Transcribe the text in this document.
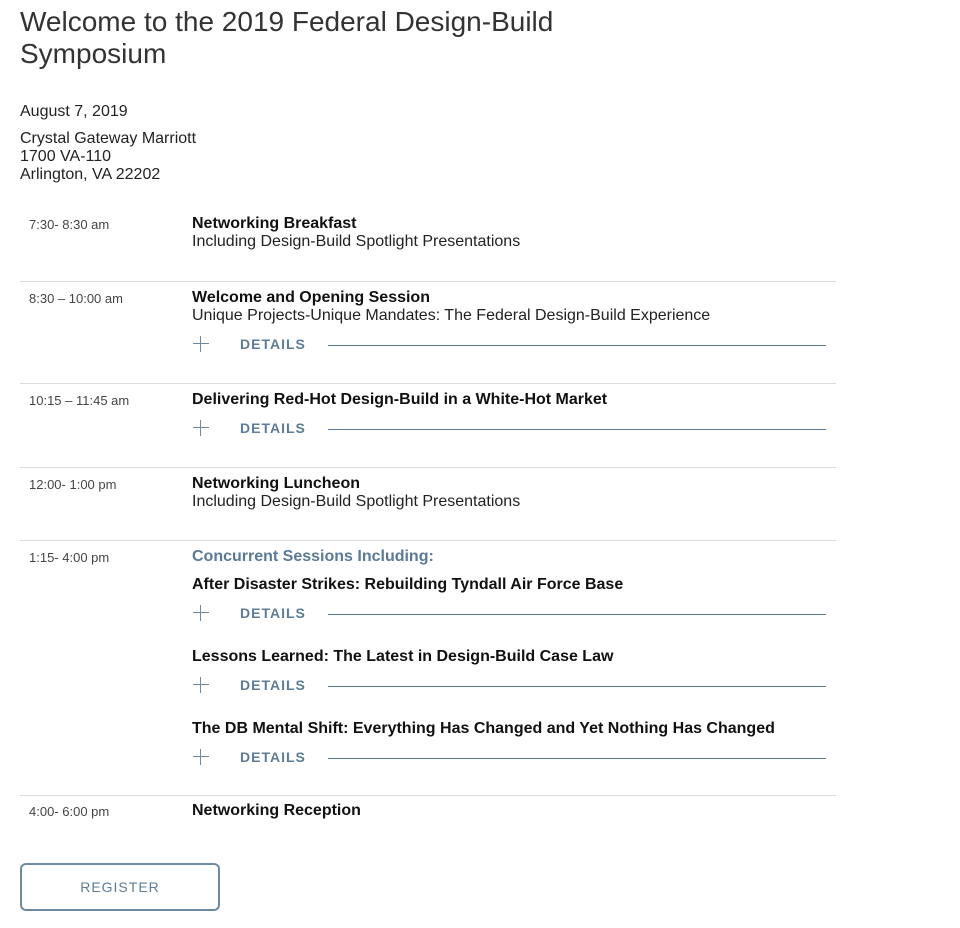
Welcome to the 2019 Federal Design-Build Symposium
August 7, 2019
Crystal Gateway Marriott
1700 VA-110
Arlington, VA 22202
7:30- 8:30 am	Networking Breakfast
Including Design-Build Spotlight Presentations
8:30 – 10:00 am	Welcome and Opening Session
Unique Projects-Unique Mandates: The Federal Design-Build Experience
DETAILS
10:15 – 11:45 am	Delivering Red-Hot Design-Build in a White-Hot Market
DETAILS
12:00- 1:00 pm	Networking Luncheon
Including Design-Build Spotlight Presentations
1:15- 4:00 pm	Concurrent Sessions Including:
After Disaster Strikes: Rebuilding Tyndall Air Force Base
DETAILS
Lessons Learned: The Latest in Design-Build Case Law
DETAILS
The DB Mental Shift: Everything Has Changed and Yet Nothing Has Changed
DETAILS
4:00- 6:00 pm	Networking Reception
REGISTER
